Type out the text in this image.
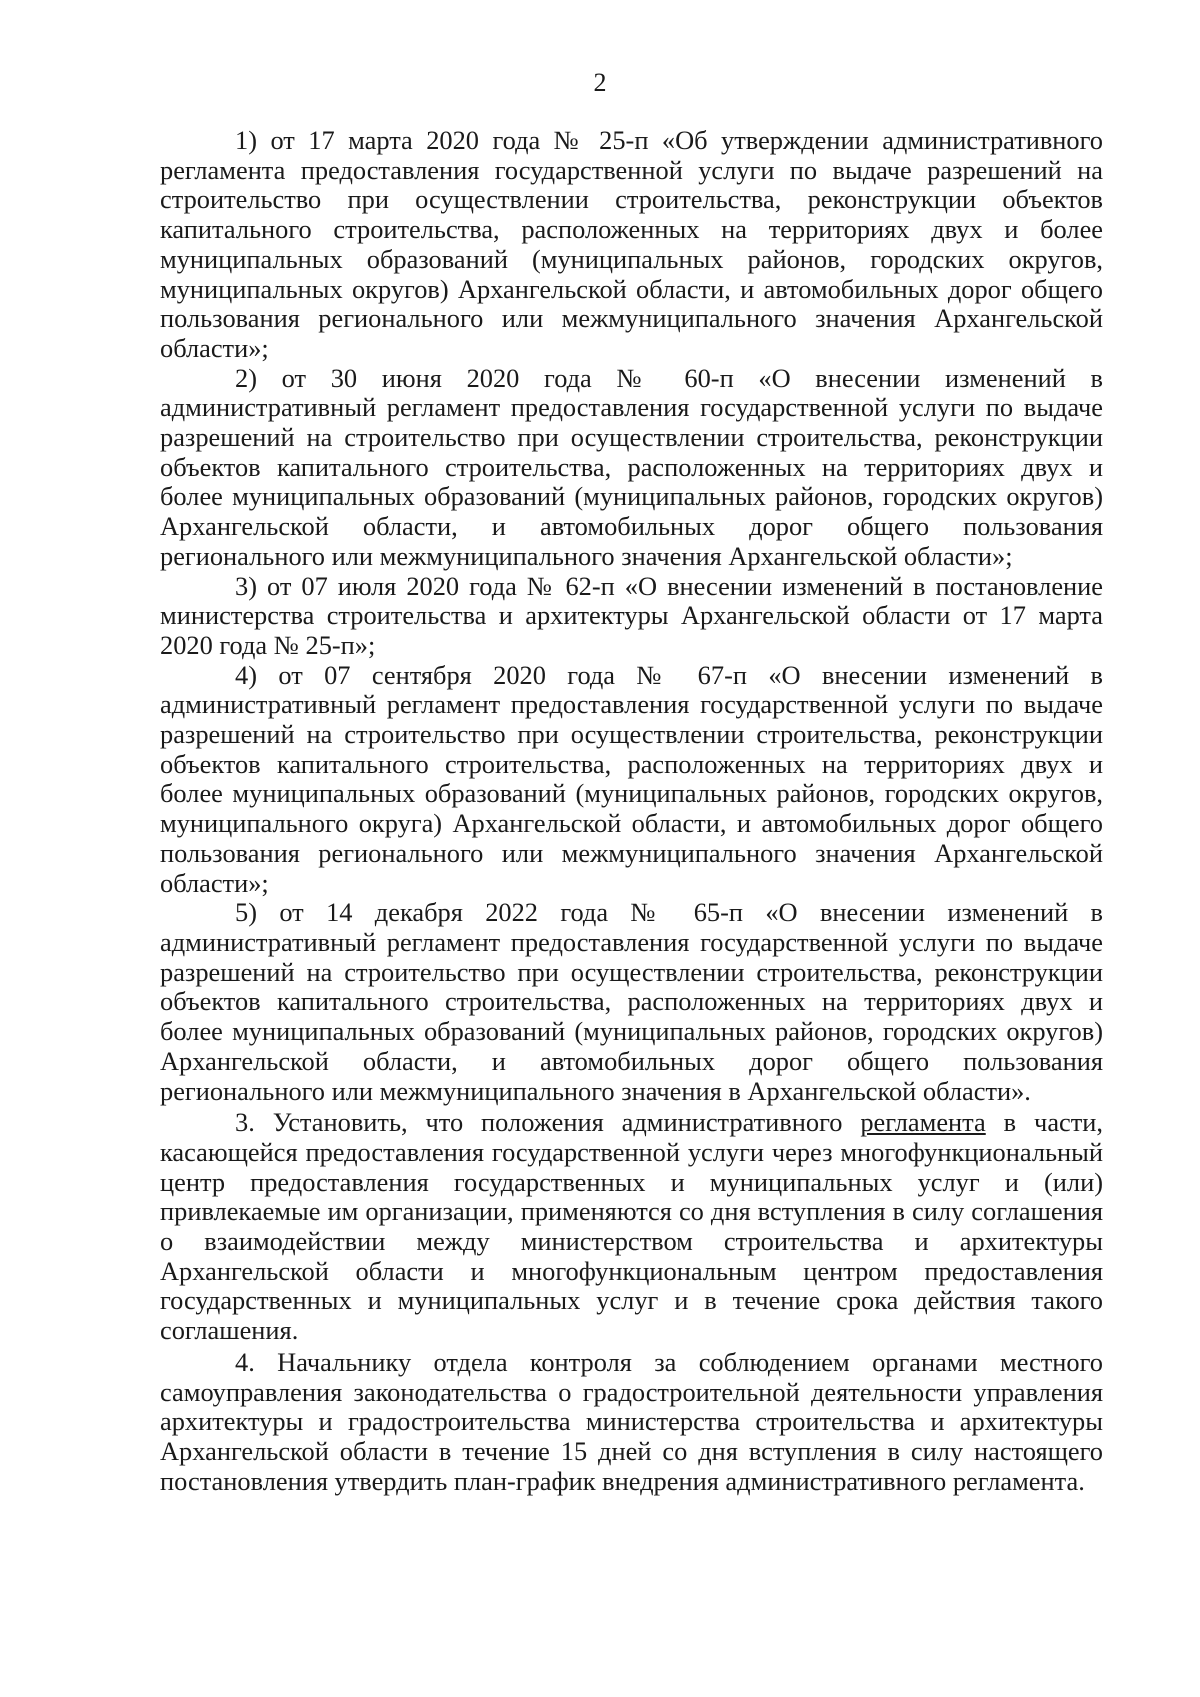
2

1) от 17 марта 2020 года № 25-п «Об утверждении административного регламента предоставления государственной услуги по выдаче разрешений на строительство при осуществлении строительства, реконструкции объектов капитального строительства, расположенных на территориях двух и более муниципальных образований (муниципальных районов, городских округов, муниципальных округов) Архангельской области, и автомобильных дорог общего пользования регионального или межмуниципального значения Архангельской области»;

2) от 30 июня 2020 года № 60-п «О внесении изменений в административный регламент предоставления государственной услуги по выдаче разрешений на строительство при осуществлении строительства, реконструкции объектов капитального строительства, расположенных на территориях двух и более муниципальных образований (муниципальных районов, городских округов) Архангельской области, и автомобильных дорог общего пользования регионального или межмуниципального значения Архангельской области»;

3) от 07 июля 2020 года № 62-п «О внесении изменений в постановление министерства строительства и архитектуры Архангельской области от 17 марта 2020 года № 25-п»;

4) от 07 сентября 2020 года № 67-п «О внесении изменений в административный регламент предоставления государственной услуги по выдаче разрешений на строительство при осуществлении строительства, реконструкции объектов капитального строительства, расположенных на территориях двух и более муниципальных образований (муниципальных районов, городских округов, муниципального округа) Архангельской области, и автомобильных дорог общего пользования регионального или межмуниципального значения Архангельской области»;

5) от 14 декабря 2022 года № 65-п «О внесении изменений в административный регламент предоставления государственной услуги по выдаче разрешений на строительство при осуществлении строительства, реконструкции объектов капитального строительства, расположенных на территориях двух и более муниципальных образований (муниципальных районов, городских округов) Архангельской области, и автомобильных дорог общего пользования регионального или межмуниципального значения в Архангельской области».

3. Установить, что положения административного регламента в части, касающейся предоставления государственной услуги через многофункциональный центр предоставления государственных и муниципальных услуг и (или) привлекаемые им организации, применяются со дня вступления в силу соглашения о взаимодействии между министерством строительства и архитектуры Архангельской области и многофункциональным центром предоставления государственных и муниципальных услуг и в течение срока действия такого соглашения.

4. Начальнику отдела контроля за соблюдением органами местного самоуправления законодательства о градостроительной деятельности управления архитектуры и градостроительства министерства строительства и архитектуры Архангельской области в течение 15 дней со дня вступления в силу настоящего постановления утвердить план-график внедрения административного регламента.
